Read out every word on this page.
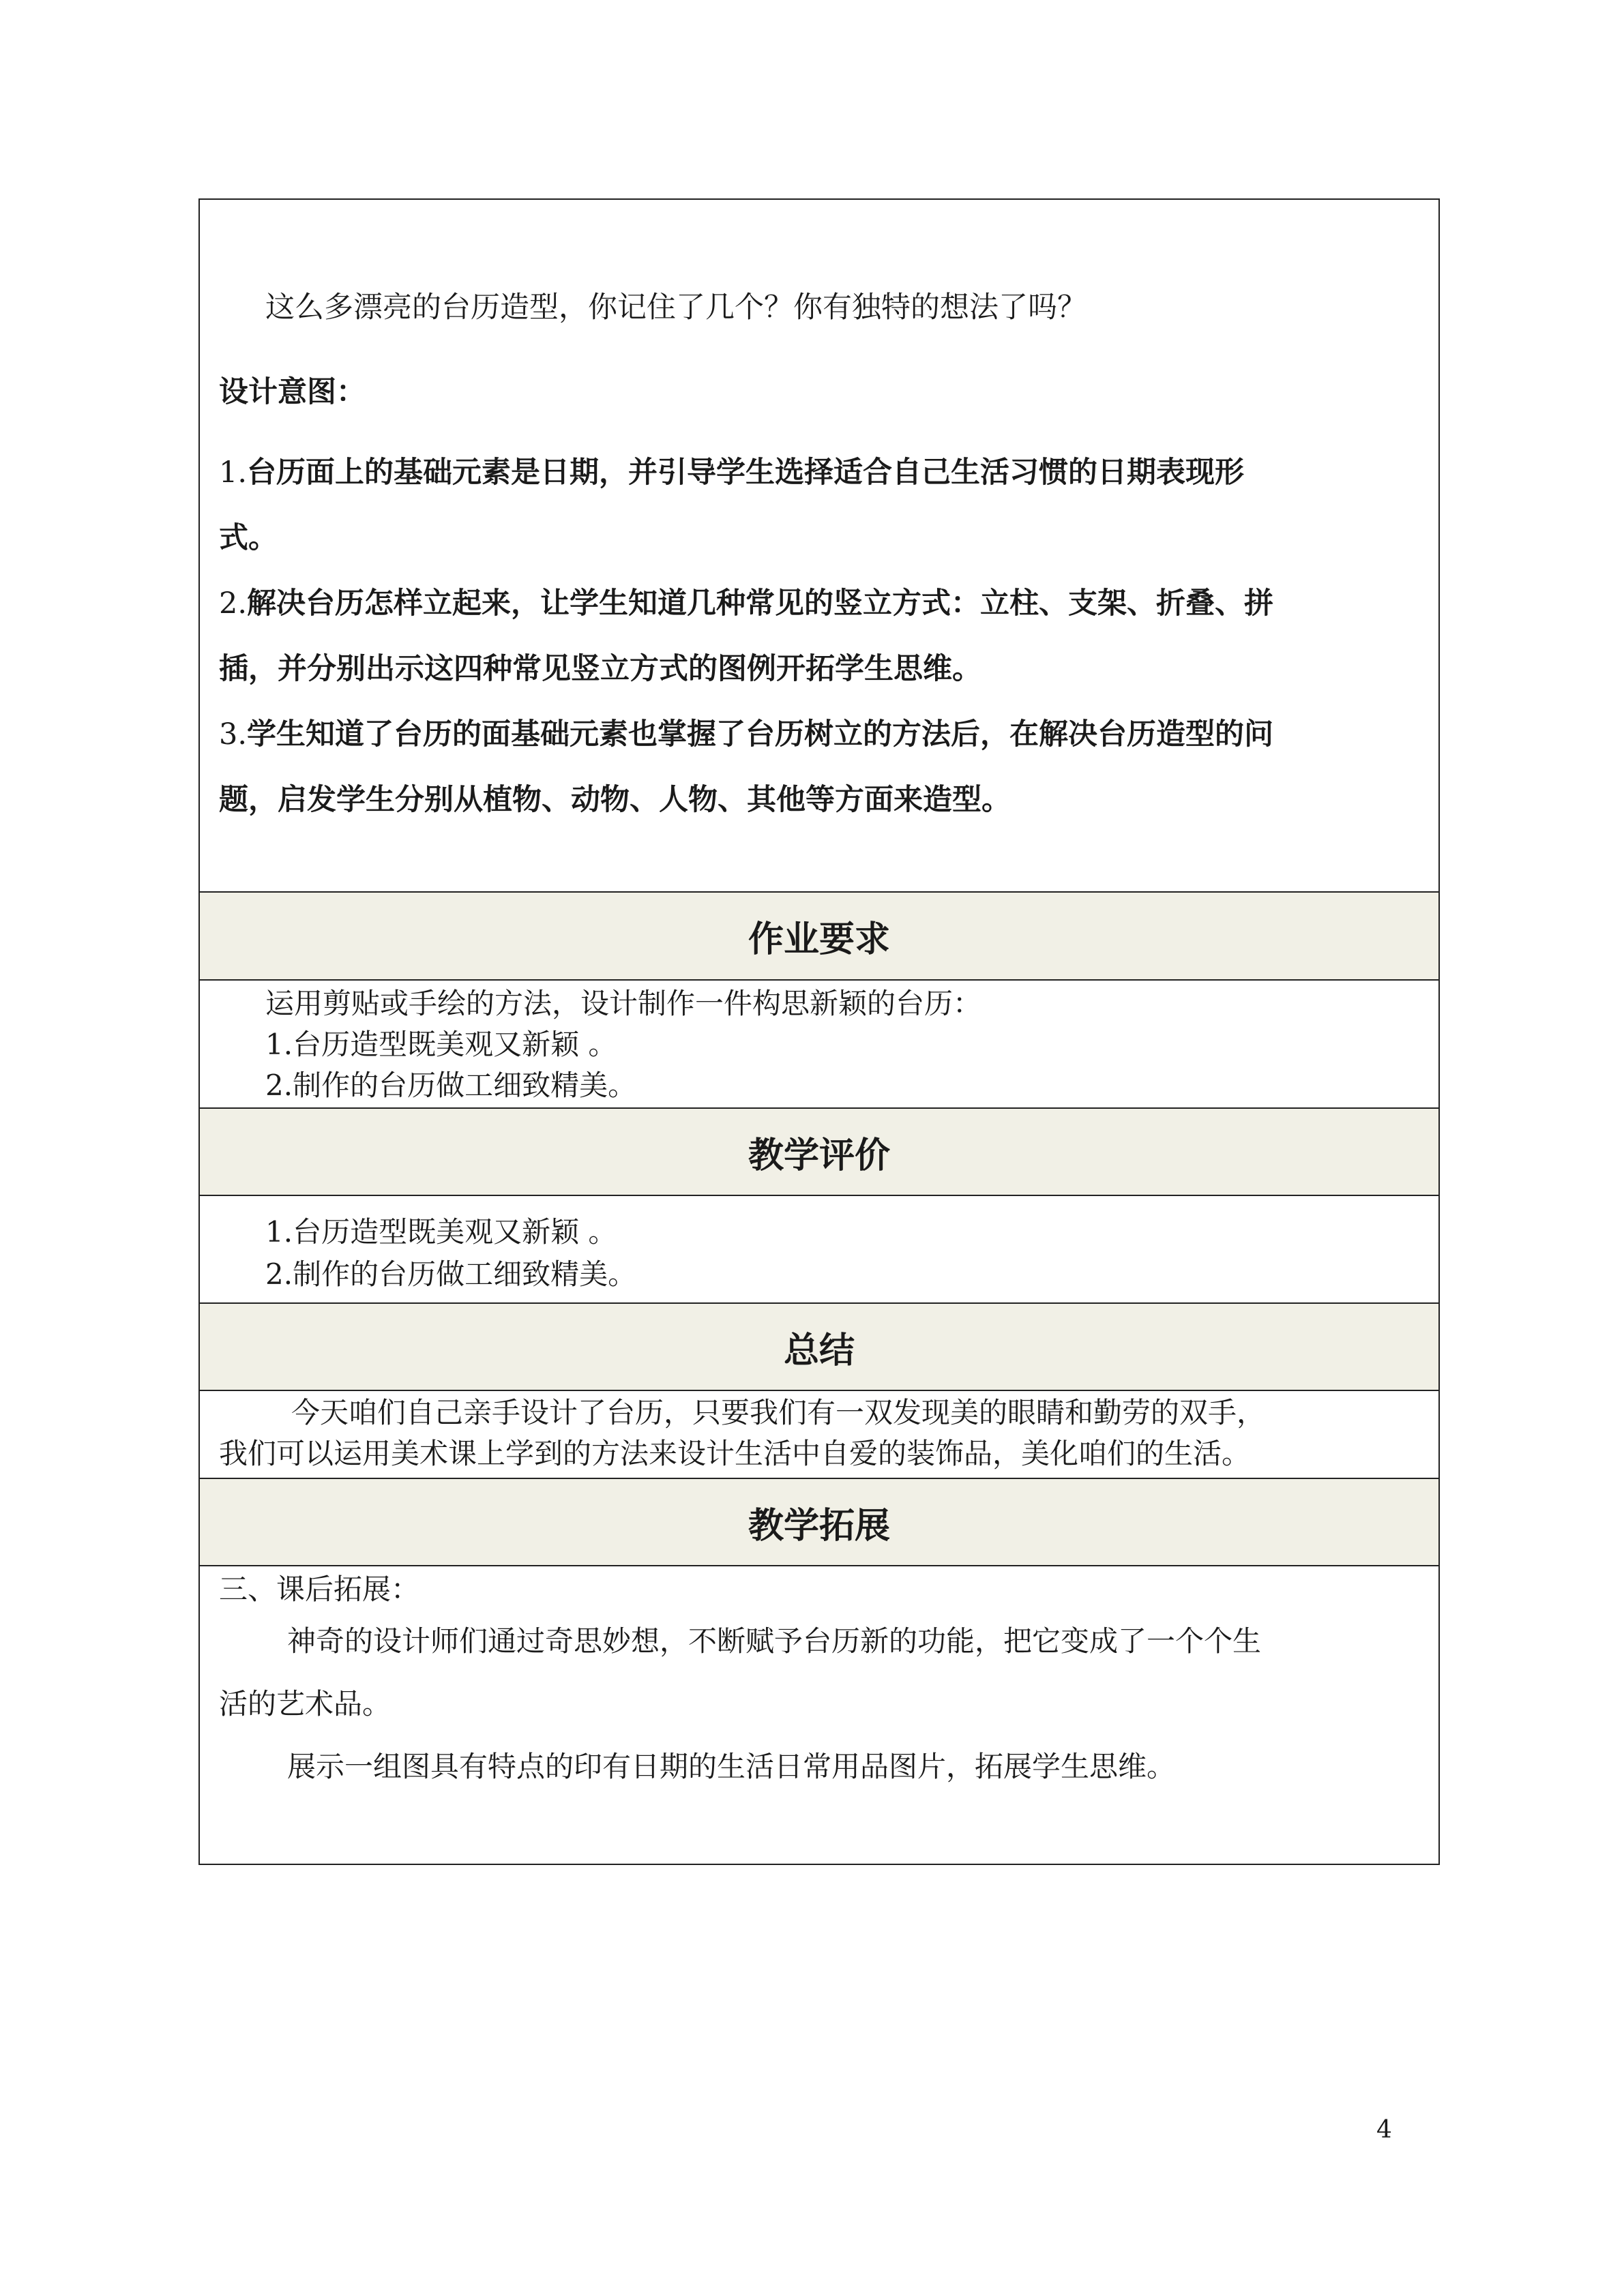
这么多漂亮的台历造型，你记住了几个？你有独特的想法了吗？

设计意图：

1.台历面上的基础元素是日期，并引导学生选择适合自己生活习惯的日期表现形
式。

2.解决台历怎样立起来，让学生知道几种常见的竖立方式：立柱、支架、折叠、拼
插，并分别出示这四种常见竖立方式的图例开拓学生思维。

3.学生知道了台历的面基础元素也掌握了台历树立的方法后，在解决台历造型的问
题，启发学生分别从植物、动物、人物、其他等方面来造型。

作业要求
运用剪贴或手绘的方法，设计制作一件构思新颖的台历：
1.台历造型既美观又新颖 。
2.制作的台历做工细致精美。
教学评价
1.台历造型既美观又新颖 。
2.制作的台历做工细致精美。
总结
今天咱们自己亲手设计了台历，只要我们有一双发现美的眼睛和勤劳的双手，
我们可以运用美术课上学到的方法来设计生活中自爱的装饰品，美化咱们的生活。
教学拓展
三、课后拓展：
神奇的设计师们通过奇思妙想，不断赋予台历新的功能，把它变成了一个个生
活的艺术品。
展示一组图具有特点的印有日期的生活日常用品图片，拓展学生思维。
4
